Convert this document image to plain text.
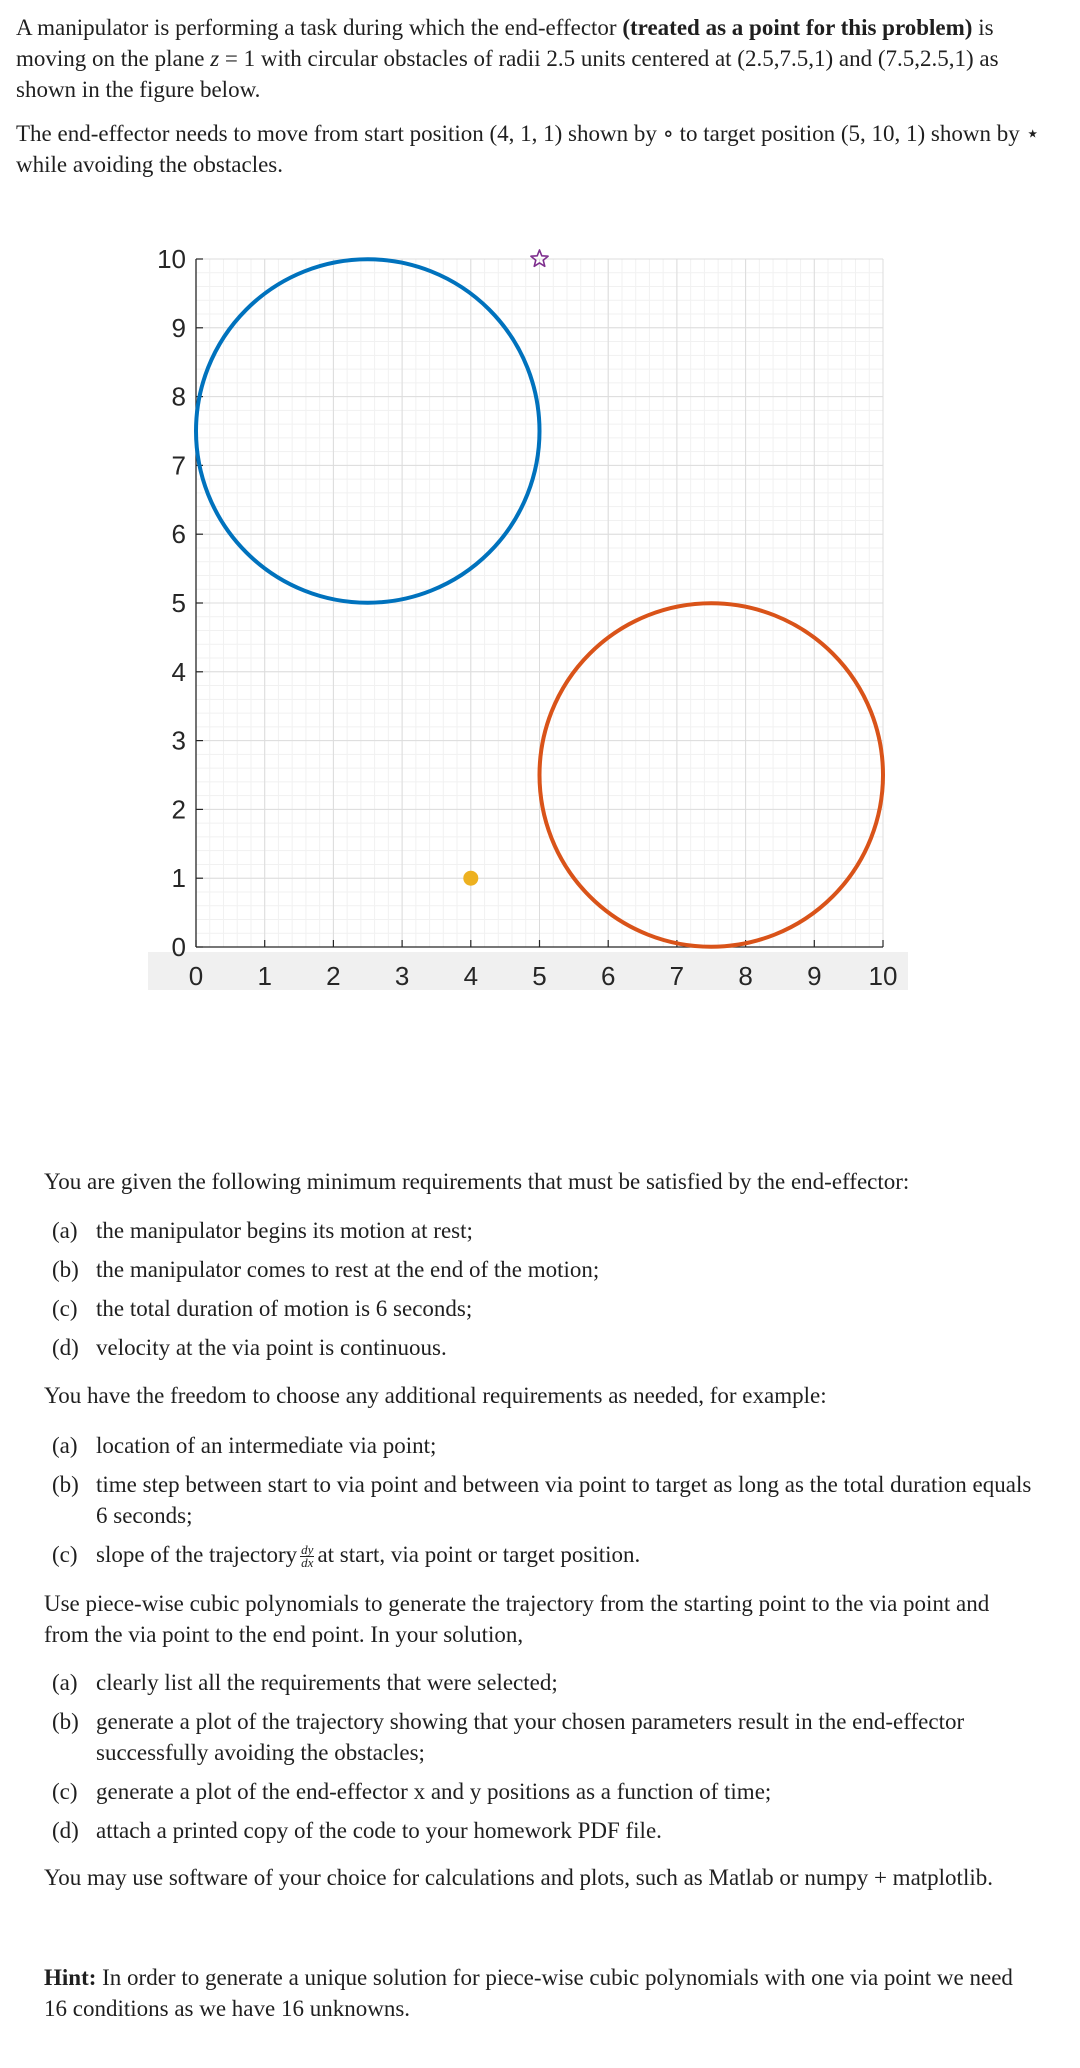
A manipulator is performing a task during which the end-effector (treated as a point for this problem) is moving on the plane z = 1 with circular obstacles of radii 2.5 units centered at (2.5,7.5,1) and (7.5,2.5,1) as shown in the figure below.

The end-effector needs to move from start position (4, 1, 1) shown by ∘ to target position (5, 10, 1) shown by ⋆ while avoiding the obstacles.

0 1 2 3 4 5 6 7 8 9 10
0
1
2
3
4
5
6
7
8
9
10

You are given the following minimum requirements that must be satisfied by the end-effector:

(a) the manipulator begins its motion at rest;
(b) the manipulator comes to rest at the end of the motion;
(c) the total duration of motion is 6 seconds;
(d) velocity at the via point is continuous.

You have the freedom to choose any additional requirements as needed, for example:

(a) location of an intermediate via point;
(b) time step between start to via point and between via point to target as long as the total duration equals 6 seconds;
(c) slope of the trajectory $\frac{dy}{dx}$ at start, via point or target position.

Use piece-wise cubic polynomials to generate the trajectory from the starting point to the via point and from the via point to the end point. In your solution,

(a) clearly list all the requirements that were selected;
(b) generate a plot of the trajectory showing that your chosen parameters result in the end-effector successfully avoiding the obstacles;
(c) generate a plot of the end-effector x and y positions as a function of time;
(d) attach a printed copy of the code to your homework PDF file.

You may use software of your choice for calculations and plots, such as Matlab or numpy + matplotlib.

Hint: In order to generate a unique solution for piece-wise cubic polynomials with one via point we need 16 conditions as we have 16 unknowns.
